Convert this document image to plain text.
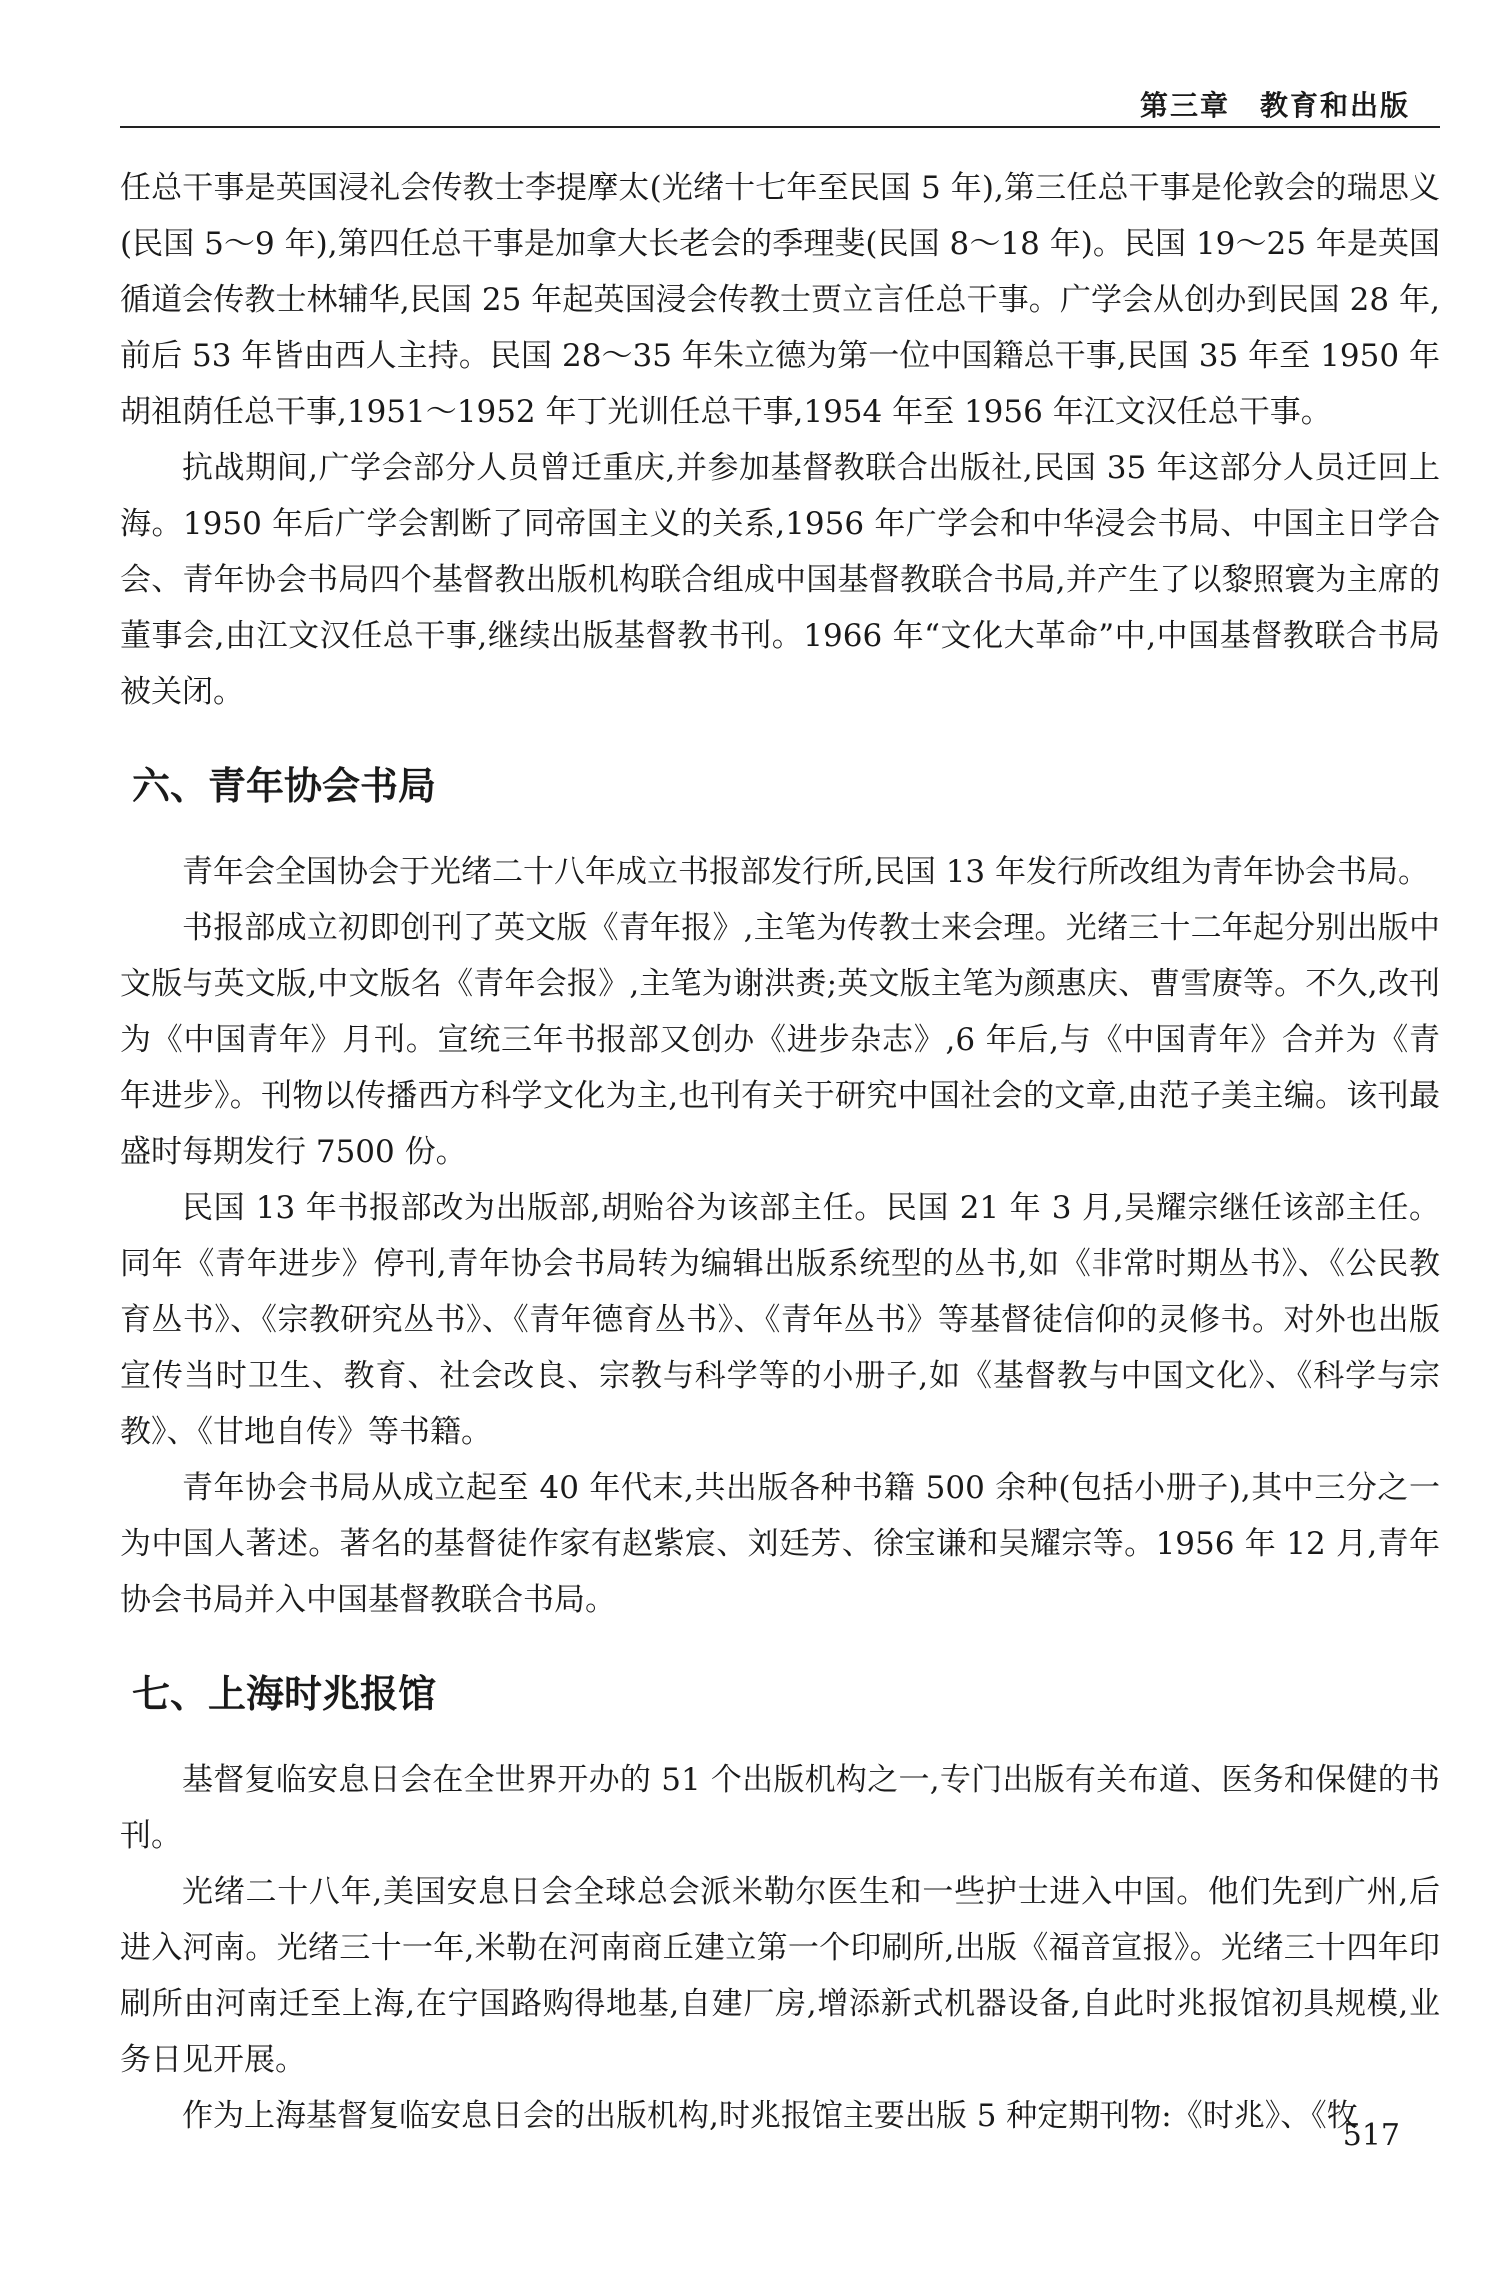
第三章　教育和出版

任总干事是英国浸礼会传教士李提摩太(光绪十七年至民国 5 年),第三任总干事是伦敦会的瑞思义(民国 5～9 年),第四任总干事是加拿大长老会的季理斐(民国 8～18 年)。民国 19～25 年是英国循道会传教士林辅华,民国 25 年起英国浸会传教士贾立言任总干事。广学会从创办到民国 28 年,前后 53 年皆由西人主持。民国 28～35 年朱立德为第一位中国籍总干事,民国 35 年至 1950 年胡祖荫任总干事,1951～1952 年丁光训任总干事,1954 年至 1956 年江文汉任总干事。

抗战期间,广学会部分人员曾迁重庆,并参加基督教联合出版社,民国 35 年这部分人员迁回上海。1950 年后广学会割断了同帝国主义的关系,1956 年广学会和中华浸会书局、中国主日学合会、青年协会书局四个基督教出版机构联合组成中国基督教联合书局,并产生了以黎照寰为主席的董事会,由江文汉任总干事,继续出版基督教书刊。1966 年“文化大革命”中,中国基督教联合书局被关闭。

六、青年协会书局

青年会全国协会于光绪二十八年成立书报部发行所,民国 13 年发行所改组为青年协会书局。

书报部成立初即创刊了英文版《青年报》,主笔为传教士来会理。光绪三十二年起分别出版中文版与英文版,中文版名《青年会报》,主笔为谢洪赉;英文版主笔为颜惠庆、曹雪赓等。不久,改刊为《中国青年》月刊。宣统三年书报部又创办《进步杂志》,6 年后,与《中国青年》合并为《青年进步》。刊物以传播西方科学文化为主,也刊有关于研究中国社会的文章,由范子美主编。该刊最盛时每期发行 7500 份。

民国 13 年书报部改为出版部,胡贻谷为该部主任。民国 21 年 3 月,吴耀宗继任该部主任。同年《青年进步》停刊,青年协会书局转为编辑出版系统型的丛书,如《非常时期丛书》、《公民教育丛书》、《宗教研究丛书》、《青年德育丛书》、《青年丛书》等基督徒信仰的灵修书。对外也出版宣传当时卫生、教育、社会改良、宗教与科学等的小册子,如《基督教与中国文化》、《科学与宗教》、《甘地自传》等书籍。

青年协会书局从成立起至 40 年代末,共出版各种书籍 500 余种(包括小册子),其中三分之一为中国人著述。著名的基督徒作家有赵紫宸、刘廷芳、徐宝谦和吴耀宗等。1956 年 12 月,青年协会书局并入中国基督教联合书局。

七、上海时兆报馆

基督复临安息日会在全世界开办的 51 个出版机构之一,专门出版有关布道、医务和保健的书刊。

光绪二十八年,美国安息日会全球总会派米勒尔医生和一些护士进入中国。他们先到广州,后进入河南。光绪三十一年,米勒在河南商丘建立第一个印刷所,出版《福音宣报》。光绪三十四年印刷所由河南迁至上海,在宁国路购得地基,自建厂房,增添新式机器设备,自此时兆报馆初具规模,业务日见开展。

作为上海基督复临安息日会的出版机构,时兆报馆主要出版 5 种定期刊物:《时兆》、《牧

517
